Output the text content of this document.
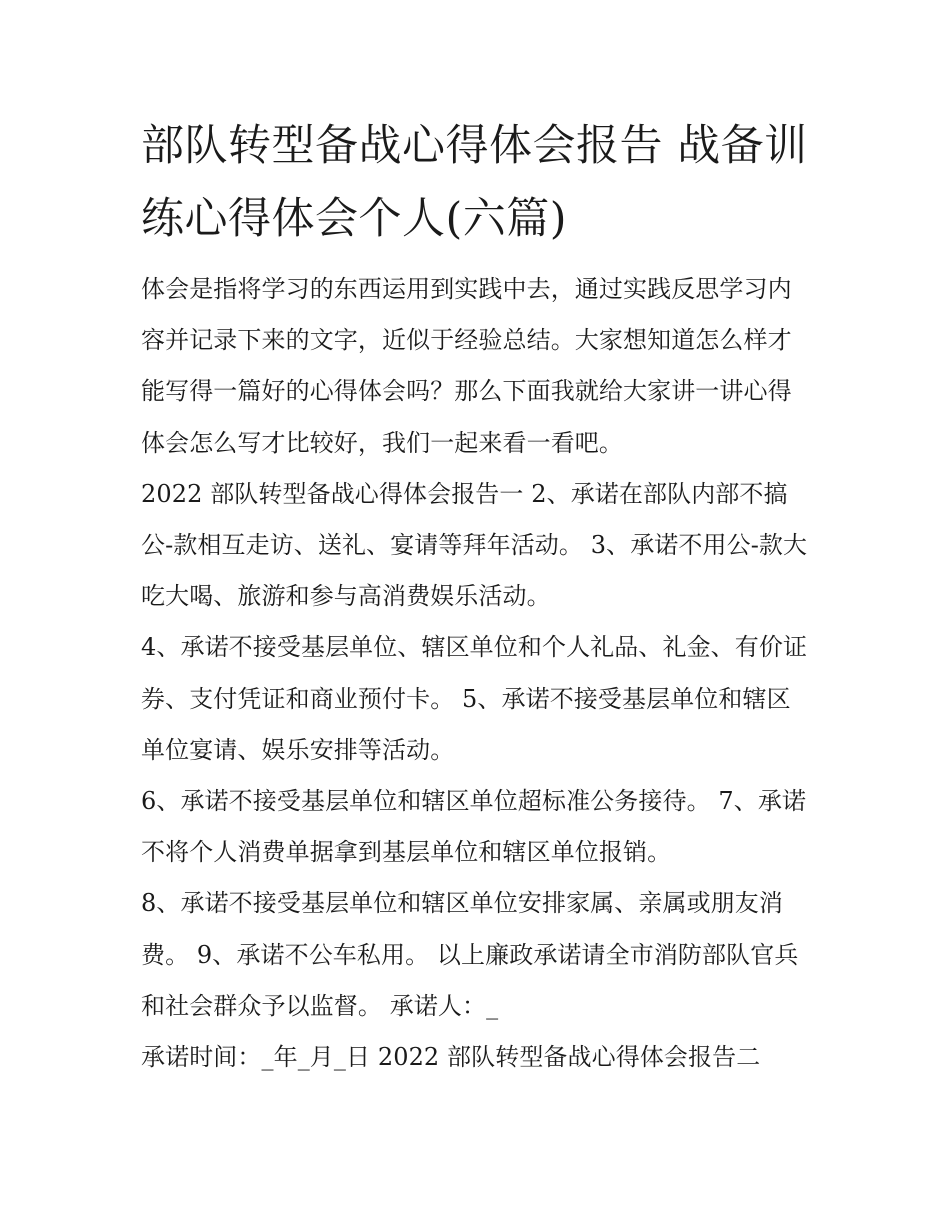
部队转型备战心得体会报告 战备训练心得体会个人(六篇)

体会是指将学习的东西运用到实践中去，通过实践反思学习内容并记录下来的文字，近似于经验总结。大家想知道怎么样才能写得一篇好的心得体会吗？那么下面我就给大家讲一讲心得体会怎么写才比较好，我们一起来看一看吧。

2022 部队转型备战心得体会报告一 2、承诺在部队内部不搞公-款相互走访、送礼、宴请等拜年活动。 3、承诺不用公-款大吃大喝、旅游和参与高消费娱乐活动。

4、承诺不接受基层单位、辖区单位和个人礼品、礼金、有价证券、支付凭证和商业预付卡。 5、承诺不接受基层单位和辖区单位宴请、娱乐安排等活动。

6、承诺不接受基层单位和辖区单位超标准公务接待。 7、承诺不将个人消费单据拿到基层单位和辖区单位报销。

8、承诺不接受基层单位和辖区单位安排家属、亲属或朋友消费。 9、承诺不公车私用。 以上廉政承诺请全市消防部队官兵和社会群众予以监督。 承诺人：_

承诺时间：_年_月_日 2022 部队转型备战心得体会报告二
